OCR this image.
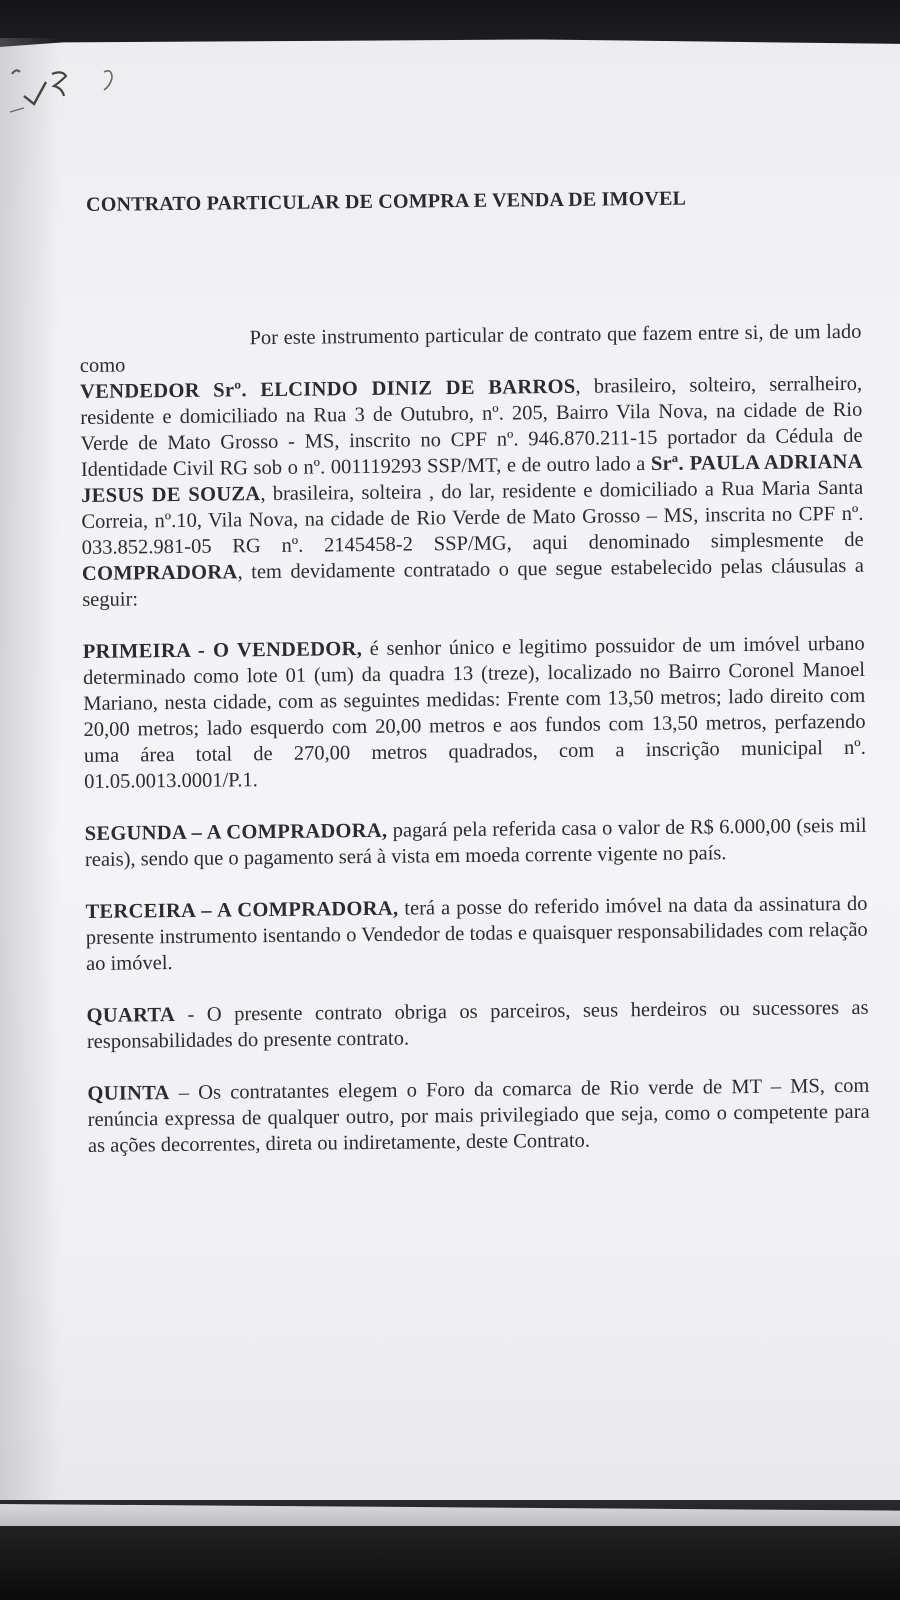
CONTRATO PARTICULAR DE COMPRA E VENDA DE IMOVEL

Por este instrumento particular de contrato que fazem entre si, de um lado como
VENDEDOR Srº. ELCINDO DINIZ DE BARROS, brasileiro, solteiro, serralheiro, residente e domiciliado na Rua 3 de Outubro, nº. 205, Bairro Vila Nova, na cidade de Rio Verde de Mato Grosso - MS, inscrito no CPF nº. 946.870.211-15 portador da Cédula de Identidade Civil RG sob o nº. 001119293 SSP/MT, e de outro lado a Srª. PAULA ADRIANA JESUS DE SOUZA, brasileira, solteira , do lar, residente e domiciliado a Rua Maria Santa Correia, nº.10, Vila Nova, na cidade de Rio Verde de Mato Grosso – MS, inscrita no CPF nº. 033.852.981-05 RG nº. 2145458-2 SSP/MG, aqui denominado simplesmente de COMPRADORA, tem devidamente contratado o que segue estabelecido pelas cláusulas a seguir:

PRIMEIRA - O VENDEDOR, é senhor único e legitimo possuidor de um imóvel urbano determinado como lote 01 (um) da quadra 13 (treze), localizado no Bairro Coronel Manoel Mariano, nesta cidade, com as seguintes medidas: Frente com 13,50 metros; lado direito com 20,00 metros; lado esquerdo com 20,00 metros e aos fundos com 13,50 metros, perfazendo uma área total de 270,00 metros quadrados, com a inscrição municipal nº. 01.05.0013.0001/P.1.

SEGUNDA – A COMPRADORA, pagará pela referida casa o valor de R$ 6.000,00 (seis mil reais), sendo que o pagamento será à vista em moeda corrente vigente no país.

TERCEIRA – A COMPRADORA, terá a posse do referido imóvel na data da assinatura do presente instrumento isentando o Vendedor de todas e quaisquer responsabilidades com relação ao imóvel.

QUARTA - O presente contrato obriga os parceiros, seus herdeiros ou sucessores as responsabilidades do presente contrato.

QUINTA – Os contratantes elegem o Foro da comarca de Rio verde de MT – MS, com renúncia expressa de qualquer outro, por mais privilegiado que seja, como o competente para as ações decorrentes, direta ou indiretamente, deste Contrato.
